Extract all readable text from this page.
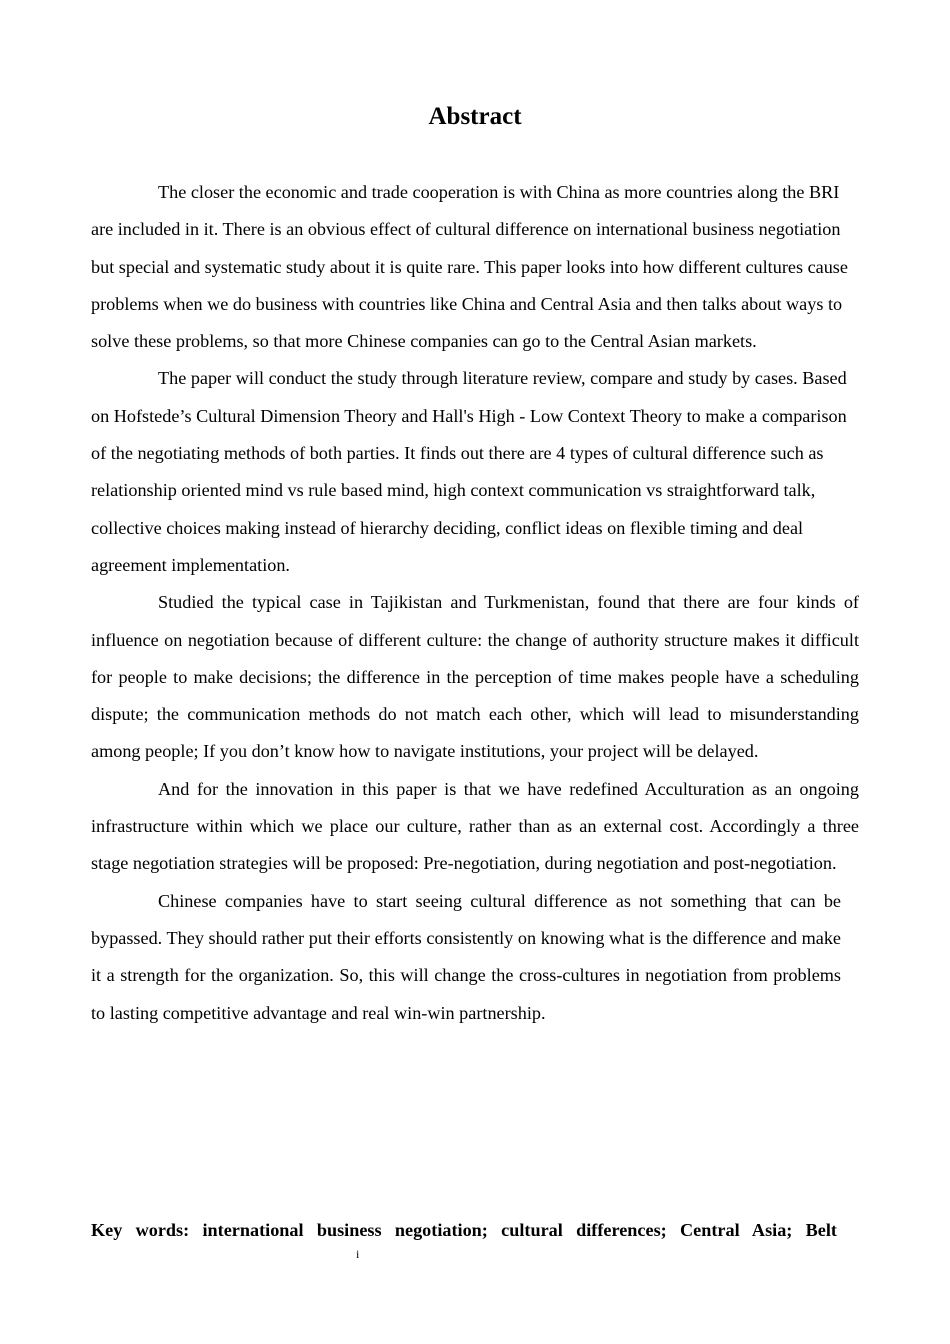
Abstract

The closer the economic and trade cooperation is with China as more countries along the BRI are included in it. There is an obvious effect of cultural difference on international business negotiation but special and systematic study about it is quite rare. This paper looks into how different cultures cause problems when we do business with countries like China and Central Asia and then talks about ways to solve these problems, so that more Chinese companies can go to the Central Asian markets.

The paper will conduct the study through literature review, compare and study by cases. Based on Hofstede’s Cultural Dimension Theory and Hall's High - Low Context Theory to make a comparison of the negotiating methods of both parties. It finds out there are 4 types of cultural difference such as relationship oriented mind vs rule based mind, high context communication vs straightforward talk, collective choices making instead of hierarchy deciding, conflict ideas on flexible timing and deal agreement implementation.

Studied the typical case in Tajikistan and Turkmenistan, found that there are four kinds of influence on negotiation because of different culture: the change of authority structure makes it difficult for people to make decisions; the difference in the perception of time makes people have a scheduling dispute; the communication methods do not match each other, which will lead to misunderstanding among people; If you don’t know how to navigate institutions, your project will be delayed.

And for the innovation in this paper is that we have redefined Acculturation as an ongoing infrastructure within which we place our culture, rather than as an external cost. Accordingly a three stage negotiation strategies will be proposed: Pre-negotiation, during negotiation and post-negotiation.

Chinese companies have to start seeing cultural difference as not something that can be bypassed. They should rather put their efforts consistently on knowing what is the difference and make it a strength for the organization. So, this will change the cross-cultures in negotiation from problems to lasting competitive advantage and real win-win partnership.

Key words: international business negotiation; cultural differences; Central Asia; Belt

i
